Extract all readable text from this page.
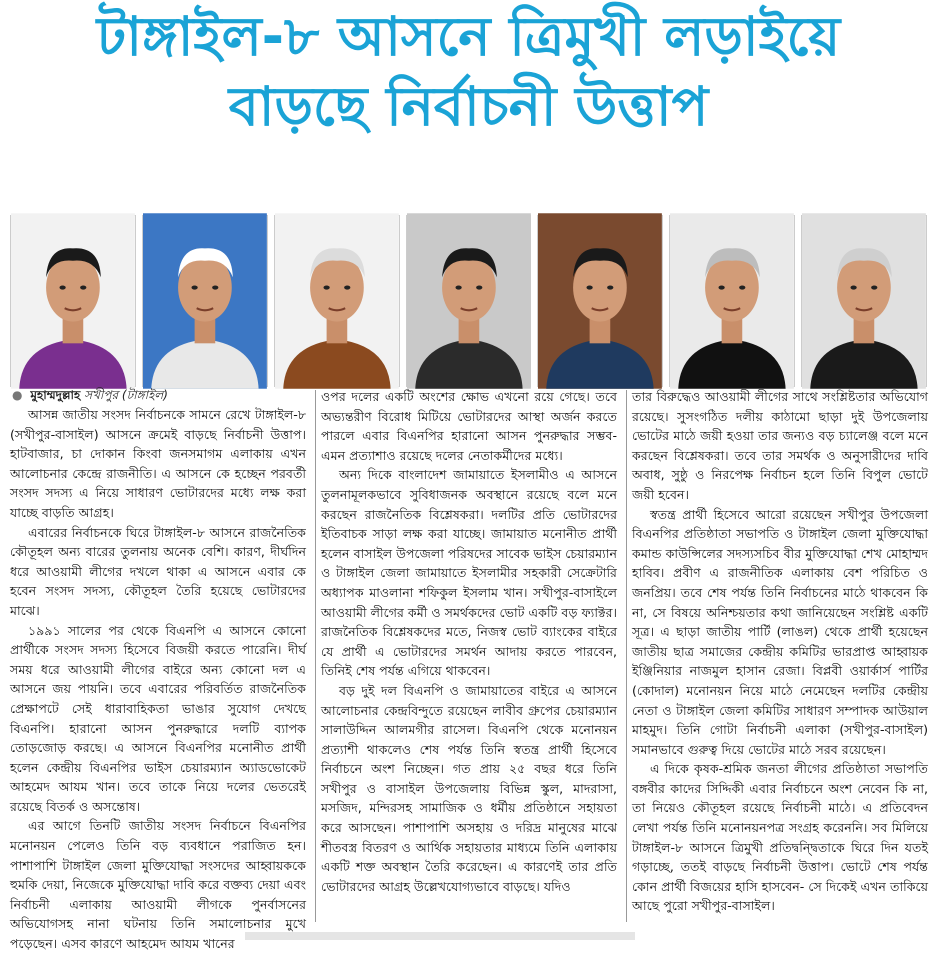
টাঙ্গাইল-৮ আসনে ত্রিমুখী লড়াইয়ে
বাড়ছে নির্বাচনী উত্তাপ
● মুহাম্মদুল্লাহ সখীপুর (টাঙ্গাইল)

আসন্ন জাতীয় সংসদ নির্বাচনকে সামনে রেখে টাঙ্গাইল-৮ (সখীপুর-বাসাইল) আসনে ক্রমেই বাড়ছে নির্বাচনী উত্তাপ। হাটবাজার, চা দোকান কিংবা জনসমাগম এলাকায় এখন আলোচনার কেন্দ্রে রাজনীতি। এ আসনে কে হচ্ছেন পরবর্তী সংসদ সদস্য এ নিয়ে সাধারণ ভোটারদের মধ্যে লক্ষ করা যাচ্ছে বাড়তি আগ্রহ।

এবারের নির্বাচনকে ঘিরে টাঙ্গাইল-৮ আসনে রাজনৈতিক কৌতূহল অন্য বারের তুলনায় অনেক বেশি। কারণ, দীর্ঘদিন ধরে আওয়ামী লীগের দখলে থাকা এ আসনে এবার কে হবেন সংসদ সদস্য, কৌতূহল তৈরি হয়েছে ভোটারদের মাঝে।

১৯৯১ সালের পর থেকে বিএনপি এ আসনে কোনো প্রার্থীকে সংসদ সদস্য হিসেবে বিজয়ী করতে পারেনি। দীর্ঘ সময় ধরে আওয়ামী লীগের বাইরে অন্য কোনো দল এ আসনে জয় পায়নি। তবে এবারের পরিবর্তিত রাজনৈতিক প্রেক্ষাপটে সেই ধারাবাহিকতা ভাঙার সুযোগ দেখছে বিএনপি। হারানো আসন পুনরুদ্ধারে দলটি ব্যাপক তোড়জোড় করছে। এ আসনে বিএনপির মনোনীত প্রার্থী হলেন কেন্দ্রীয় বিএনপির ভাইস চেয়ারম্যান অ্যাডভোকেট আহমেদ আযম খান। তবে তাকে নিয়ে দলের ভেতরেই রয়েছে বিতর্ক ও অসন্তোষ।

এর আগে তিনটি জাতীয় সংসদ নির্বাচনে বিএনপির মনোনয়ন পেলেও তিনি বড় ব্যবধানে পরাজিত হন। পাশাপাশি টাঙ্গাইল জেলা মুক্তিযোদ্ধা সংসদের আহ্বায়ককে হুমকি দেয়া, নিজেকে মুক্তিযোদ্ধা দাবি করে বক্তব্য দেয়া এবং নির্বাচনী এলাকায় আওয়ামী লীগকে পুনর্বাসনের অভিযোগসহ নানা ঘটনায় তিনি সমালোচনার মুখে পড়েছেন। এসব কারণে আহমেদ আযম খানের

ওপর দলের একটি অংশের ক্ষোভ এখনো রয়ে গেছে। তবে অভ্যন্তরীণ বিরোধ মিটিয়ে ভোটারদের আস্থা অর্জন করতে পারলে এবার বিএনপির হারানো আসন পুনরুদ্ধার সম্ভব- এমন প্রত্যাশাও রয়েছে দলের নেতাকর্মীদের মধ্যে।

অন্য দিকে বাংলাদেশ জামায়াতে ইসলামীও এ আসনে তুলনামূলকভাবে সুবিধাজনক অবস্থানে রয়েছে বলে মনে করছেন রাজনৈতিক বিশ্লেষকরা। দলটির প্রতি ভোটারদের ইতিবাচক সাড়া লক্ষ করা যাচ্ছে। জামায়াত মনোনীত প্রার্থী হলেন বাসাইল উপজেলা পরিষদের সাবেক ভাইস চেয়ারম্যান ও টাঙ্গাইল জেলা জামায়াতে ইসলামীর সহকারী সেক্রেটারি অধ্যাপক মাওলানা শফিকুল ইসলাম খান। সখীপুর-বাসাইলে আওয়ামী লীগের কর্মী ও সমর্থকদের ভোট একটি বড় ফ্যাক্টর। রাজনৈতিক বিশ্লেষকদের মতে, নিজস্ব ভোট ব্যাংকের বাইরে যে প্রার্থী এ ভোটারদের সমর্থন আদায় করতে পারবেন, তিনিই শেষ পর্যন্ত এগিয়ে থাকবেন।

বড় দুই দল বিএনপি ও জামায়াতের বাইরে এ আসনে আলোচনার কেন্দ্রবিন্দুতে রয়েছেন লাবীব গ্রুপের চেয়ারম্যান সালাউদ্দিন আলমগীর রাসেল। বিএনপি থেকে মনোনয়ন প্রত্যাশী থাকলেও শেষ পর্যন্ত তিনি স্বতন্ত্র প্রার্থী হিসেবে নির্বাচনে অংশ নিচ্ছেন। গত প্রায় ২৫ বছর ধরে তিনি সখীপুর ও বাসাইল উপজেলায় বিভিন্ন স্কুল, মাদরাসা, মসজিদ, মন্দিরসহ সামাজিক ও ধর্মীয় প্রতিষ্ঠানে সহায়তা করে আসছেন। পাশাপাশি অসহায় ও দরিদ্র মানুষের মাঝে শীতবস্ত্র বিতরণ ও আর্থিক সহায়তার মাধ্যমে তিনি এলাকায় একটি শক্ত অবস্থান তৈরি করেছেন। এ কারণেই তার প্রতি ভোটারদের আগ্রহ উল্লেখযোগ্যভাবে বাড়ছে। যদিও

তার বিরুদ্ধেও আওয়ামী লীগের সাথে সংশ্লিষ্টতার অভিযোগ রয়েছে। সুসংগঠিত দলীয় কাঠামো ছাড়া দুই উপজেলায় ভোটের মাঠে জয়ী হওয়া তার জন্যও বড় চ্যালেঞ্জ বলে মনে করছেন বিশ্লেষকরা। তবে তার সমর্থক ও অনুসারীদের দাবি অবাধ, সুষ্ঠু ও নিরপেক্ষ নির্বাচন হলে তিনি বিপুল ভোটে জয়ী হবেন।

স্বতন্ত্র প্রার্থী হিসেবে আরো রয়েছেন সখীপুর উপজেলা বিএনপির প্রতিষ্ঠাতা সভাপতি ও টাঙ্গাইল জেলা মুক্তিযোদ্ধা কমান্ড কাউন্সিলের সদস্যসচিব বীর মুক্তিযোদ্ধা শেখ মোহাম্মদ হাবিব। প্রবীণ এ রাজনীতিক এলাকায় বেশ পরিচিত ও জনপ্রিয়। তবে শেষ পর্যন্ত তিনি নির্বাচনের মাঠে থাকবেন কি না, সে বিষয়ে অনিশ্চয়তার কথা জানিয়েছেন সংশ্লিষ্ট একটি সূত্র। এ ছাড়া জাতীয় পার্টি (লাঙল) থেকে প্রার্থী হয়েছেন জাতীয় ছাত্র সমাজের কেন্দ্রীয় কমিটির ভারপ্রাপ্ত আহ্বায়ক ইঞ্জিনিয়ার নাজমুল হাসান রেজা। বিপ্লবী ওয়ার্কার্স পার্টির (কোদাল) মনোনয়ন নিয়ে মাঠে নেমেছেন দলটির কেন্দ্রীয় নেতা ও টাঙ্গাইল জেলা কমিটির সাধারণ সম্পাদক আউয়াল মাহমুদ। তিনি গোটা নির্বাচনী এলাকা (সখীপুর-বাসাইল) সমানভাবে গুরুত্ব দিয়ে ভোটের মাঠে সরব রয়েছেন।

এ দিকে কৃষক-শ্রমিক জনতা লীগের প্রতিষ্ঠাতা সভাপতি বঙ্গবীর কাদের সিদ্দিকী এবার নির্বাচনে অংশ নেবেন কি না, তা নিয়েও কৌতূহল রয়েছে নির্বাচনী মাঠে। এ প্রতিবেদন লেখা পর্যন্ত তিনি মনোনয়নপত্র সংগ্রহ করেননি। সব মিলিয়ে টাঙ্গাইল-৮ আসনে ত্রিমুখী প্রতিদ্বন্দ্বিতাকে ঘিরে দিন যতই গড়াচ্ছে, ততই বাড়ছে নির্বাচনী উত্তাপ। ভোটে শেষ পর্যন্ত কোন প্রার্থী বিজয়ের হাসি হাসবেন- সে দিকেই এখন তাকিয়ে আছে পুরো সখীপুর-বাসাইল।
